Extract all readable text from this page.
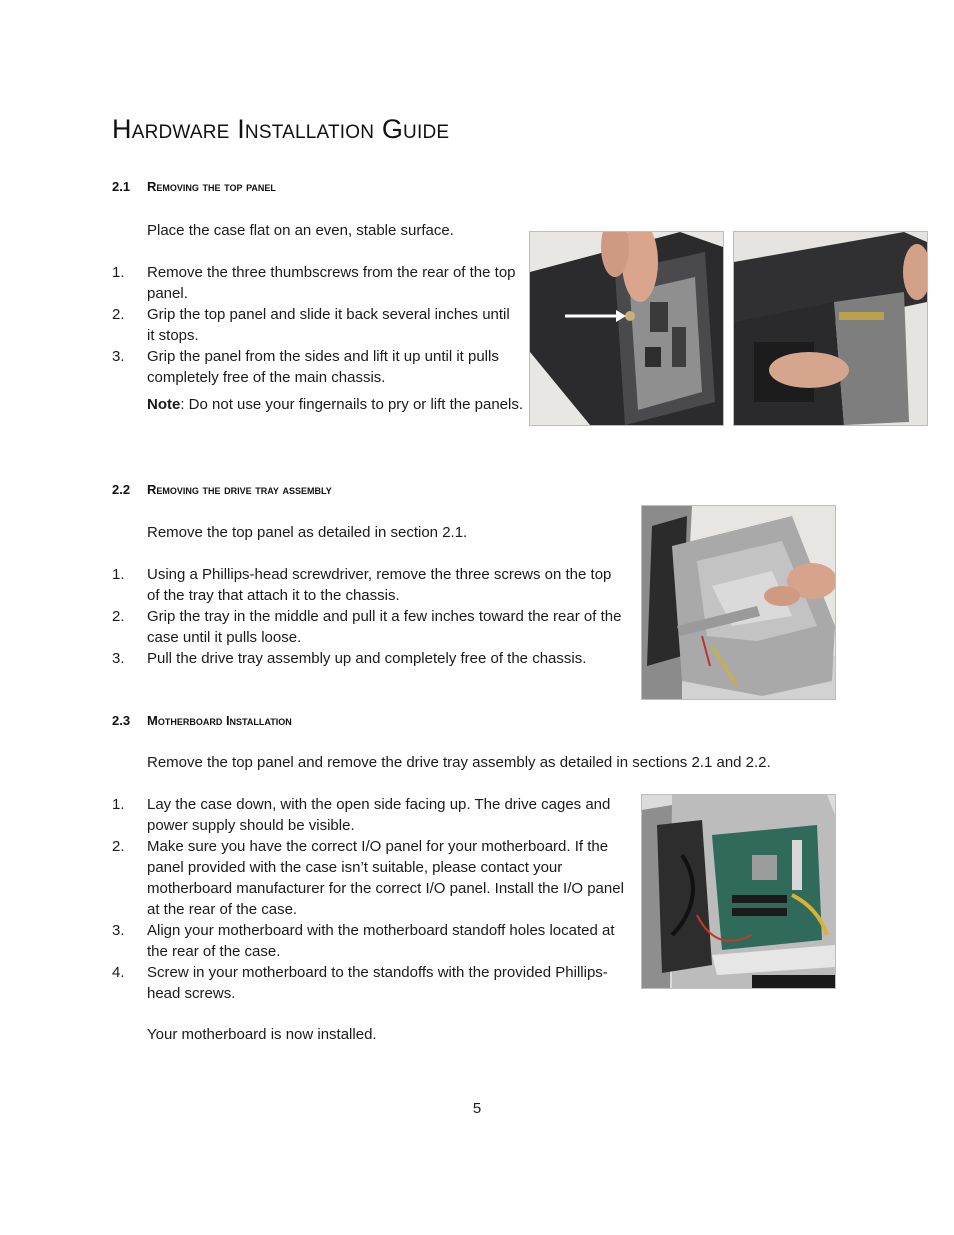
Hardware Installation Guide
2.1 Removing the top panel
Place the case flat on an even, stable surface.
1. Remove the three thumbscrews from the rear of the top panel.
2. Grip the top panel and slide it back several inches until it stops.
3. Grip the panel from the sides and lift it up until it pulls completely free of the main chassis.
Note: Do not use your fingernails to pry or lift the panels.
2.2 Removing the drive tray assembly
Remove the top panel as detailed in section 2.1.
1. Using a Phillips-head screwdriver, remove the three screws on the top of the tray that attach it to the chassis.
2. Grip the tray in the middle and pull it a few inches toward the rear of the case until it pulls loose.
3. Pull the drive tray assembly up and completely free of the chassis.
2.3 Motherboard Installation
Remove the top panel and remove the drive tray assembly as detailed in sections 2.1 and 2.2.
1. Lay the case down, with the open side facing up. The drive cages and power supply should be visible.
2. Make sure you have the correct I/O panel for your motherboard. If the panel provided with the case isn’t suitable, please contact your motherboard manufacturer for the correct I/O panel. Install the I/O panel at the rear of the case.
3. Align your motherboard with the motherboard standoff holes located at the rear of the case.
4. Screw in your motherboard to the standoffs with the provided Phillips-head screws.
Your motherboard is now installed.
5
